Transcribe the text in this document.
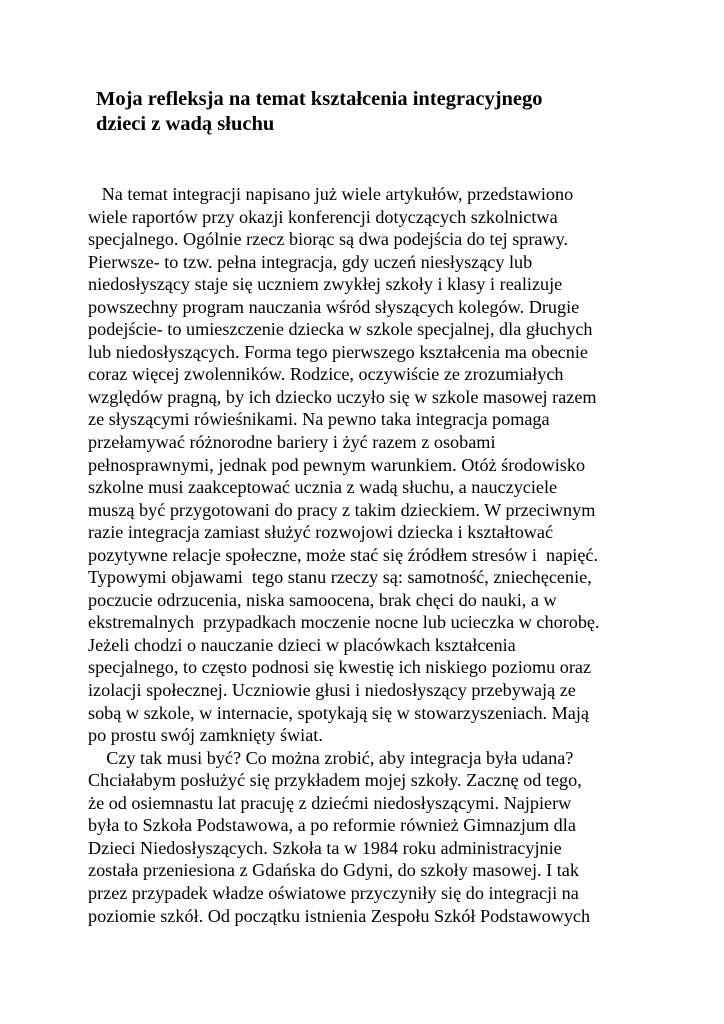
Moja refleksja na temat kształcenia integracyjnego
dzieci z wadą słuchu
Na temat integracji napisano już wiele artykułów, przedstawiono
wiele raportów przy okazji konferencji dotyczących szkolnictwa
specjalnego. Ogólnie rzecz biorąc są dwa podejścia do tej sprawy.
Pierwsze- to tzw. pełna integracja, gdy uczeń niesłyszący lub
niedosłyszący staje się uczniem zwykłej szkoły i klasy i realizuje
powszechny program nauczania wśród słyszących kolegów. Drugie
podejście- to umieszczenie dziecka w szkole specjalnej, dla głuchych
lub niedosłyszących. Forma tego pierwszego kształcenia ma obecnie
coraz więcej zwolenników. Rodzice, oczywiście ze zrozumiałych
względów pragną, by ich dziecko uczyło się w szkole masowej razem
ze słyszącymi rówieśnikami. Na pewno taka integracja pomaga
przełamywać różnorodne bariery i żyć razem z osobami
pełnosprawnymi, jednak pod pewnym warunkiem. Otóż środowisko
szkolne musi zaakceptować ucznia z wadą słuchu, a nauczyciele
muszą być przygotowani do pracy z takim dzieckiem. W przeciwnym
razie integracja zamiast służyć rozwojowi dziecka i kształtować
pozytywne relacje społeczne, może stać się źródłem stresów i  napięć.
Typowymi objawami  tego stanu rzeczy są: samotność, zniechęcenie,
poczucie odrzucenia, niska samoocena, brak chęci do nauki, a w
ekstremalnych  przypadkach moczenie nocne lub ucieczka w chorobę.
Jeżeli chodzi o nauczanie dzieci w placówkach kształcenia
specjalnego, to często podnosi się kwestię ich niskiego poziomu oraz
izolacji społecznej. Uczniowie głusi i niedosłyszący przebywają ze
sobą w szkole, w internacie, spotykają się w stowarzyszeniach. Mają
po prostu swój zamknięty świat.
Czy tak musi być? Co można zrobić, aby integracja była udana?
Chciałabym posłużyć się przykładem mojej szkoły. Zacznę od tego,
że od osiemnastu lat pracuję z dziećmi niedosłyszącymi. Najpierw
była to Szkoła Podstawowa, a po reformie również Gimnazjum dla
Dzieci Niedosłyszących. Szkoła ta w 1984 roku administracyjnie
została przeniesiona z Gdańska do Gdyni, do szkoły masowej. I tak
przez przypadek władze oświatowe przyczyniły się do integracji na
poziomie szkół. Od początku istnienia Zespołu Szkół Podstawowych
